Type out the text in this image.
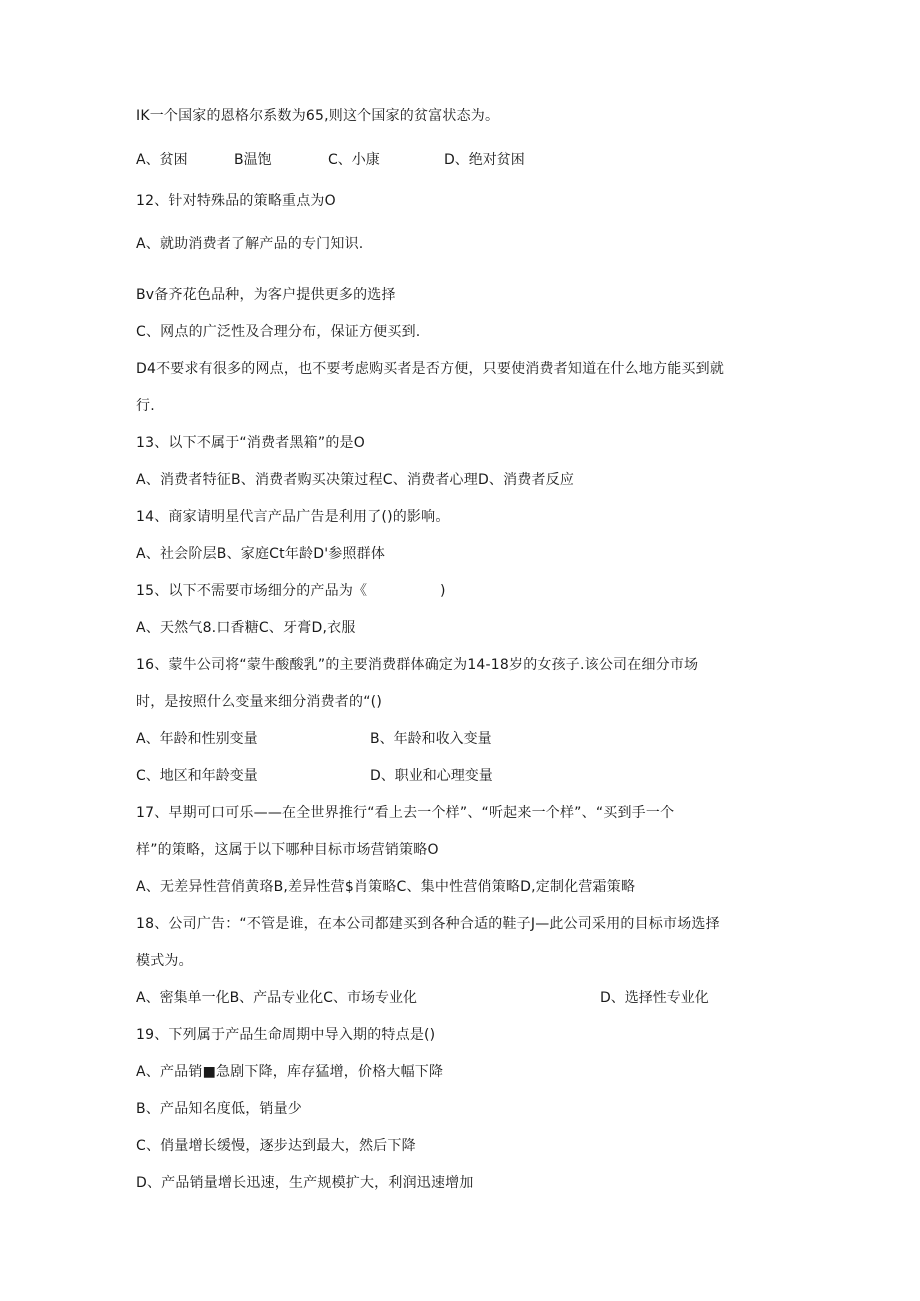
IK一个国家的恩格尔系数为65,则这个国家的贫富状态为。
A、贫困	B温饱	C、小康	D、绝对贫困
12、针对特殊品的策略重点为O
A、就助消费者了解产品的专门知识.
Bv备齐花色品种，为客户提供更多的选择
C、网点的广泛性及合理分布，保证方便买到.
D4不要求有很多的网点，也不要考虑购买者是否方便，只要使消费者知道在什么地方能买到就
行.
13、以下不属于“消费者黑箱”的是O
A、消费者特征B、消费者购买决策过程C、消费者心理D、消费者反应
14、商家请明星代言产品广告是利用了()的影响。
A、社会阶层B、家庭Ct年龄D'参照群体
15、以下不需要市场细分的产品为《	)
A、天然气8.口香糖C、牙膏D,衣服
16、蒙牛公司将“蒙牛酸酸乳”的主要消费群体确定为14-18岁的女孩子.该公司在细分市场
时，是按照什么变量来细分消费者的“()
A、年龄和性别变量	B、年龄和收入变量
C、地区和年龄变量	D、职业和心理变量
17、早期可口可乐——在全世界推行“看上去一个样”、“听起来一个样”、“买到手一个
样”的策略，这属于以下哪种目标市场营销策略O
A、无差异性营俏黄珞B,差异性营$肖策略C、集中性营俏策略D,定制化营霜策略
18、公司广告：“不管是谁，在本公司都建买到各种合适的鞋子J—此公司采用的目标市场选择
模式为。
A、密集单一化B、产品专业化C、市场专业化	D、选择性专业化
19、下列属于产品生命周期中导入期的特点是()
A、产品销■急剧下降，库存猛增，价格大幅下降
B、产品知名度低，销量少
C、俏量增长缓慢，逐步达到最大，然后下降
D、产品销量增长迅速，生产规模扩大，利润迅速增加
